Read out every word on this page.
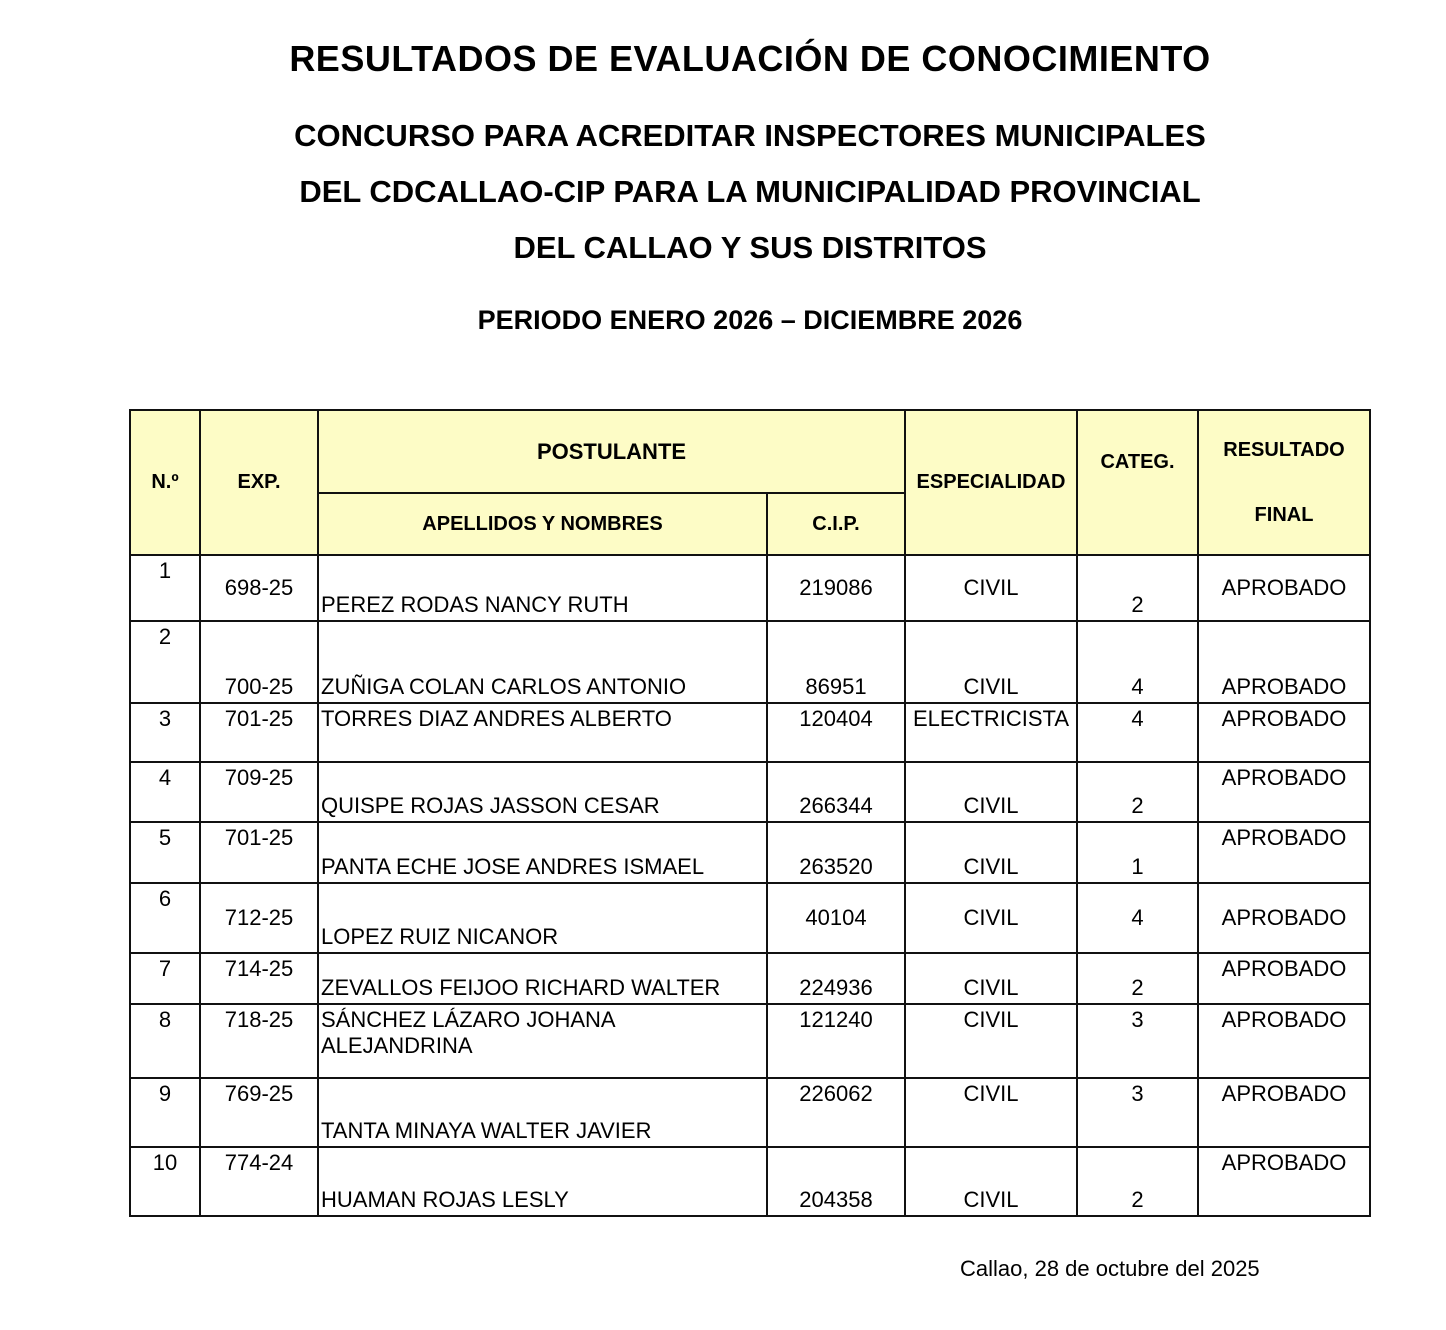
RESULTADOS DE EVALUACIÓN DE CONOCIMIENTO
CONCURSO PARA ACREDITAR INSPECTORES MUNICIPALES
DEL CDCALLAO-CIP PARA LA MUNICIPALIDAD PROVINCIAL
DEL CALLAO Y SUS DISTRITOS
PERIODO ENERO 2026 – DICIEMBRE 2026
N.º	EXP.	POSTULANTE		ESPECIALIDAD	CATEG.	RESULTADO
FINAL

		APELLIDOS Y NOMBRES	C.I.P.			
1	698-25	PEREZ RODAS NANCY RUTH	219086	CIVIL	2	APROBADO
2	700-25	ZUÑIGA COLAN CARLOS ANTONIO	86951	CIVIL	4	APROBADO
3	701-25	TORRES DIAZ ANDRES ALBERTO	120404	ELECTRICISTA	4	APROBADO
4	709-25	QUISPE ROJAS JASSON CESAR	266344	CIVIL	2	APROBADO
5	701-25	PANTA ECHE JOSE ANDRES ISMAEL	263520	CIVIL	1	APROBADO
6	712-25	LOPEZ RUIZ NICANOR	40104	CIVIL	4	APROBADO
7	714-25	ZEVALLOS FEIJOO RICHARD WALTER	224936	CIVIL	2	APROBADO
8	718-25	SÁNCHEZ LÁZARO JOHANA ALEJANDRINA	121240	CIVIL	3	APROBADO
9	769-25	TANTA MINAYA WALTER JAVIER	226062	CIVIL	3	APROBADO
10	774-24	HUAMAN ROJAS LESLY	204358	CIVIL	2	APROBADO
Callao, 28 de octubre del 2025
